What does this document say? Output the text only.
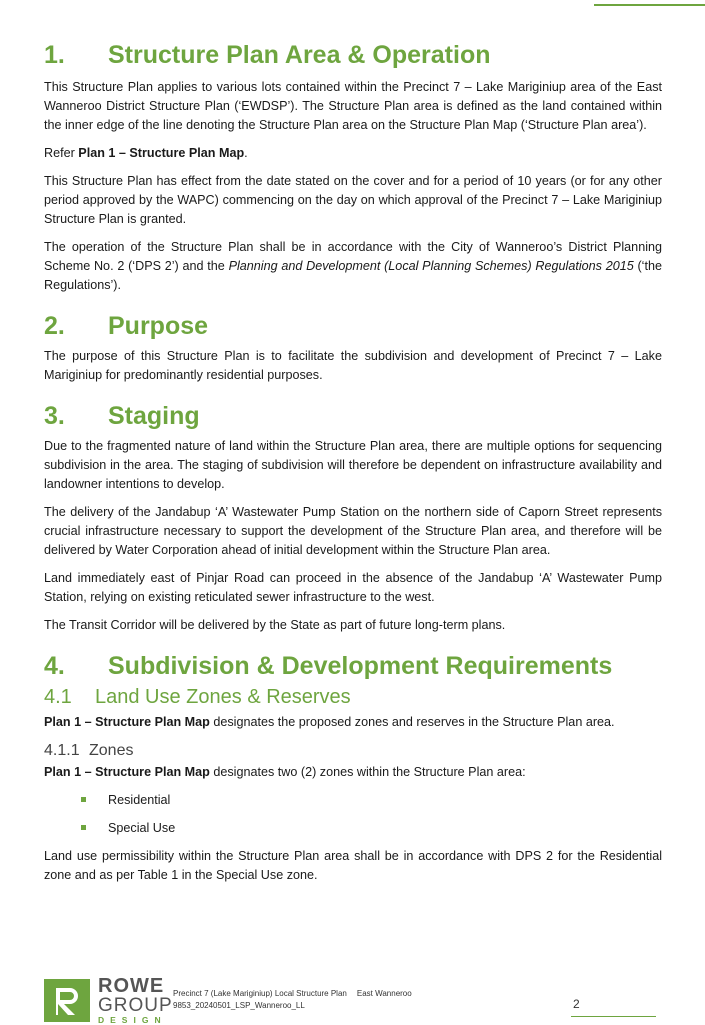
1.	Structure Plan Area & Operation

This Structure Plan applies to various lots contained within the Precinct 7 – Lake Mariginiup area of the East Wanneroo District Structure Plan (‘EWDSP’). The Structure Plan area is defined as the land contained within the inner edge of the line denoting the Structure Plan area on the Structure Plan Map (‘Structure Plan area’).

Refer Plan 1 – Structure Plan Map.

This Structure Plan has effect from the date stated on the cover and for a period of 10 years (or for any other period approved by the WAPC) commencing on the day on which approval of the Precinct 7 – Lake Mariginiup Structure Plan is granted.

The operation of the Structure Plan shall be in accordance with the City of Wanneroo’s District Planning Scheme No. 2 (‘DPS 2’) and the Planning and Development (Local Planning Schemes) Regulations 2015 (‘the Regulations’).

2.	Purpose

The purpose of this Structure Plan is to facilitate the subdivision and development of Precinct 7 – Lake Mariginiup for predominantly residential purposes.

3.	Staging

Due to the fragmented nature of land within the Structure Plan area, there are multiple options for sequencing subdivision in the area. The staging of subdivision will therefore be dependent on infrastructure availability and landowner intentions to develop.

The delivery of the Jandabup ‘A’ Wastewater Pump Station on the northern side of Caporn Street represents crucial infrastructure necessary to support the development of the Structure Plan area, and therefore will be delivered by Water Corporation ahead of initial development within the Structure Plan area.

Land immediately east of Pinjar Road can proceed in the absence of the Jandabup ‘A’ Wastewater Pump Station, relying on existing reticulated sewer infrastructure to the west.

The Transit Corridor will be delivered by the State as part of future long-term plans.

4.	Subdivision & Development Requirements
4.1	Land Use Zones & Reserves

Plan 1 – Structure Plan Map designates the proposed zones and reserves in the Structure Plan area.

4.1.1 Zones

Plan 1 – Structure Plan Map designates two (2) zones within the Structure Plan area:

Residential
Special Use

Land use permissibility within the Structure Plan area shall be in accordance with DPS 2 for the Residential zone and as per Table 1 in the Special Use zone.

ROWE
GROUP
DESIGN
Precinct 7 (Lake Mariginiup) Local Structure Plan East Wanneroo
9853_20240501_LSP_Wanneroo_LL	2
